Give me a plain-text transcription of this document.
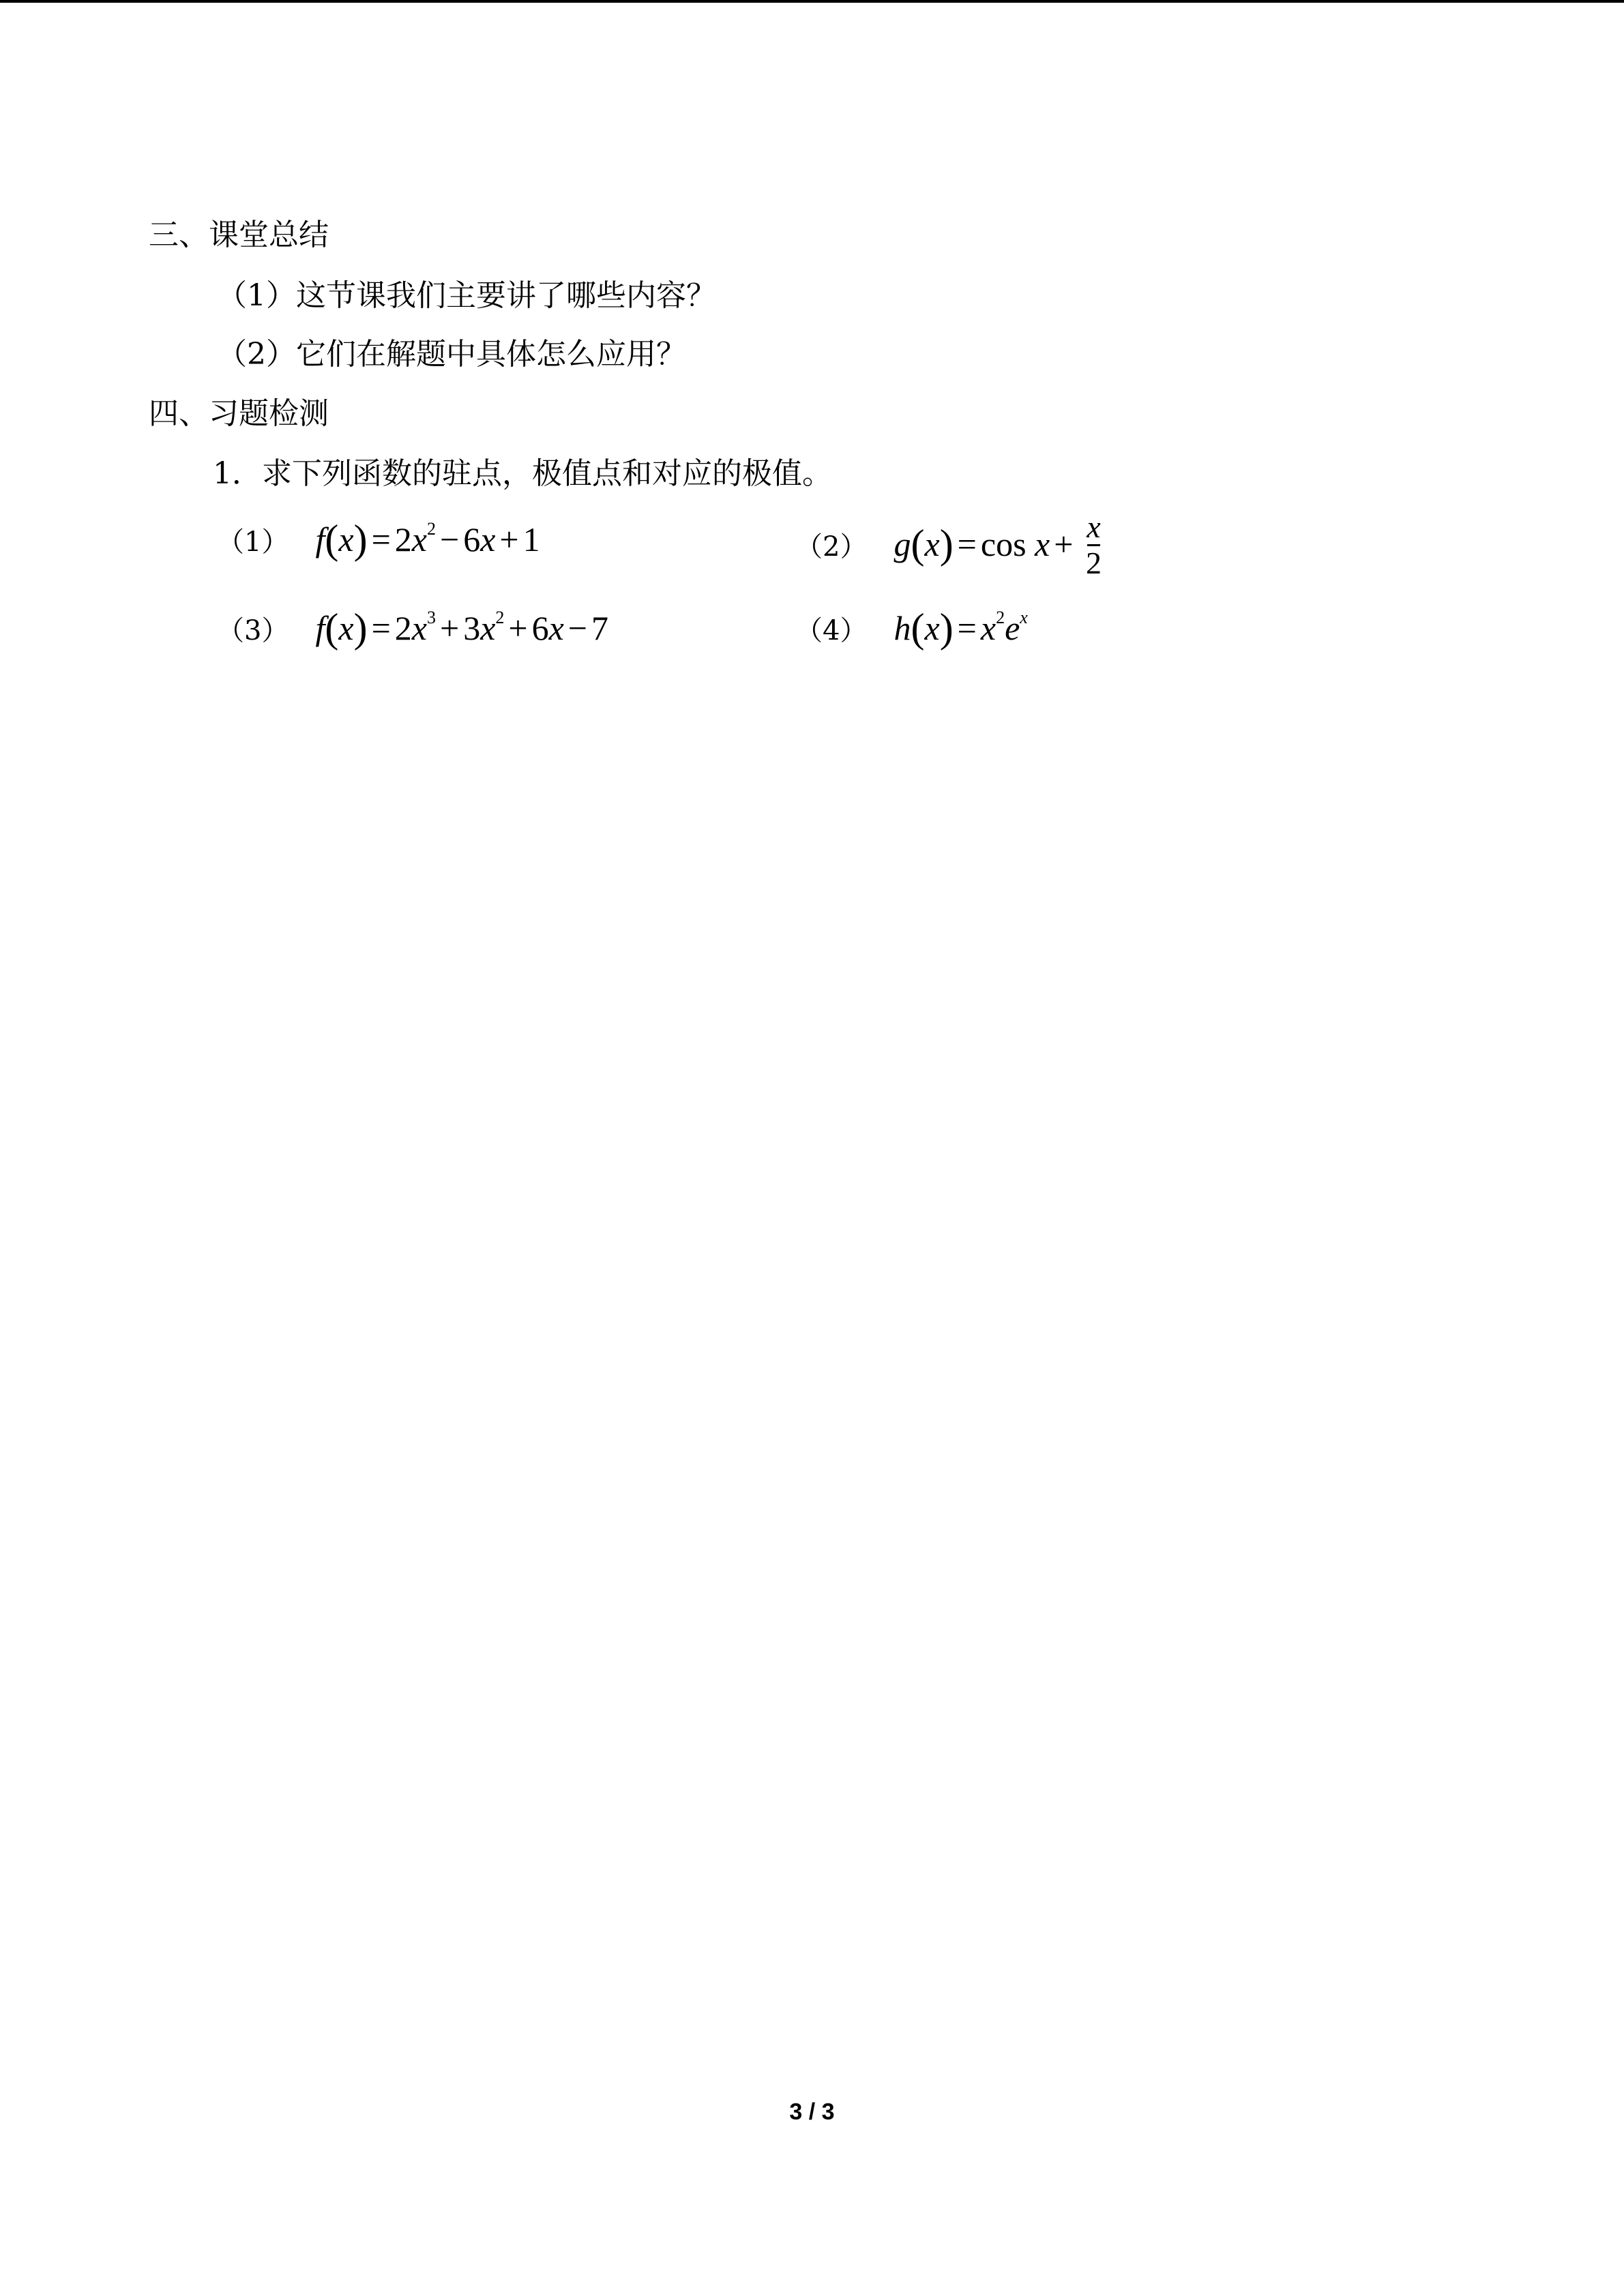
三、课堂总结
（1）这节课我们主要讲了哪些内容？
（2）它们在解题中具体怎么应用？
四、习题检测
1．求下列函数的驻点，极值点和对应的极值。
（1） $f(x) = 2x^2 - 6x + 1$	（2） $g(x) = \cos x + \frac{x}{2}$
（3） $f(x) = 2x^3 + 3x^2 + 6x - 7$	（4） $h(x) = x^2e^x$
3 / 3
